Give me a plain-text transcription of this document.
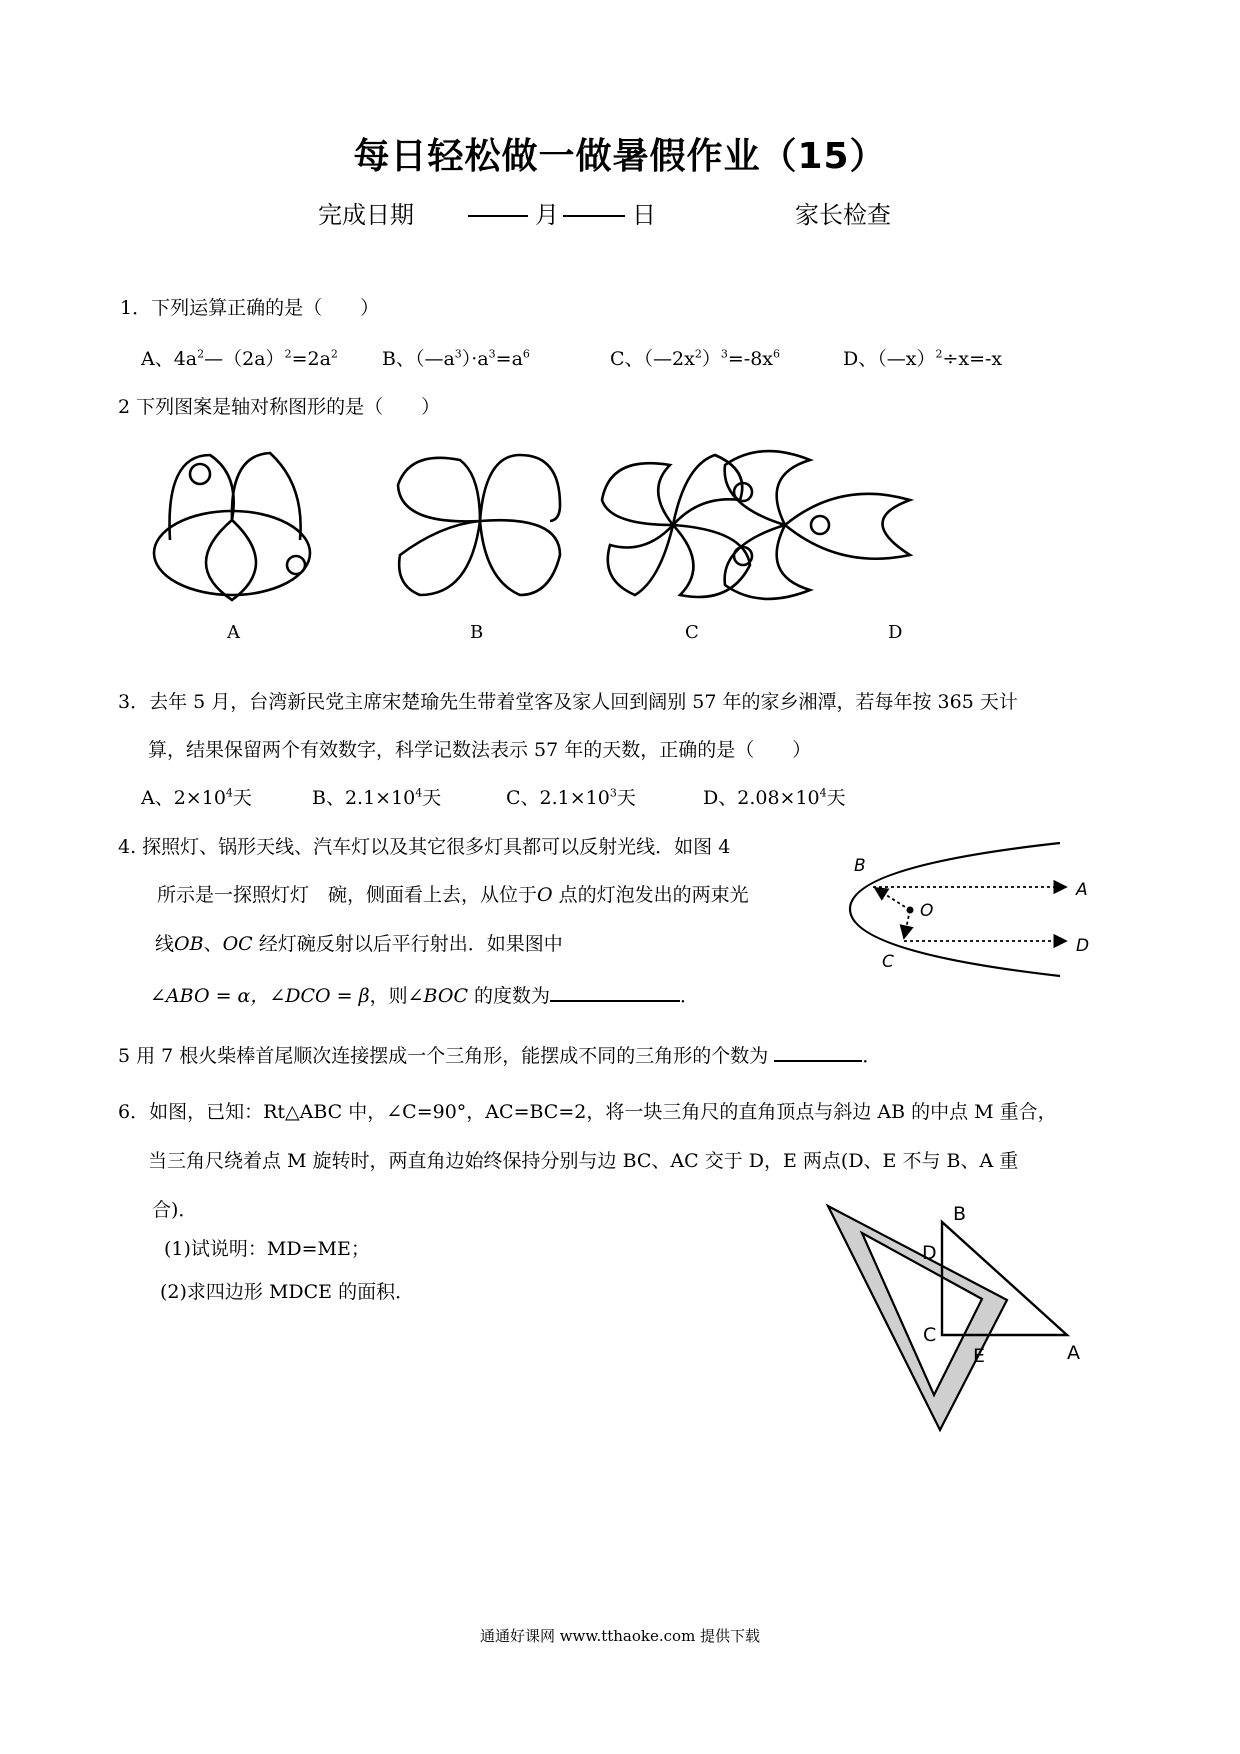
每日轻松做一做暑假作业（15）
完成日期	月	日	家长检查
1．下列运算正确的是（　　）
A、$4a^2—(2a)^2=2a^2$ B、$(—a^3)\cdot a^3=a^6$	C、$(—2x^2)^3=-8x^6$	D、（—x）$^2$÷x=-x
2 下列图案是轴对称图形的是（　　）
A	B	C	D
3．去年 5 月，台湾新民党主席宋楚瑜先生带着堂客及家人回到阔别 57 年的家乡湘潭，若每年按 365 天计
算，结果保留两个有效数字，科学记数法表示 57 年的天数，正确的是（　　）
A、$2\times 10^4$天	B、$2.1\times 10^4$天	C、$2.1\times 10^3$天	D、$2.08\times 10^4$天
4. 探照灯、锅形天线、汽车灯以及其它很多灯具都可以反射光线．如图 4
所示是一探照灯灯　碗，侧面看上去，从位于O 点的灯泡发出的两束光
线OB、OC 经灯碗反射以后平行射出．如果图中
∠ABO = α，∠DCO = β，则∠BOC 的度数为	．
B
A
O
C
D
5 用 7 根火柴棒首尾顺次连接摆成一个三角形，能摆成不同的三角形的个数为	．
6．如图，已知：Rt△ABC 中，∠C=90°，AC=BC=2，将一块三角尺的直角顶点与斜边 AB 的中点 M 重合，
当三角尺绕着点 M 旋转时，两直角边始终保持分别与边 BC、AC 交于 D，E 两点(D、E 不与 B、A 重
合)．
(1)试说明：MD=ME；
(2)求四边形 MDCE 的面积．
B
D
C
E	A
通通好课网 www.tthaoke.com 提供下载
